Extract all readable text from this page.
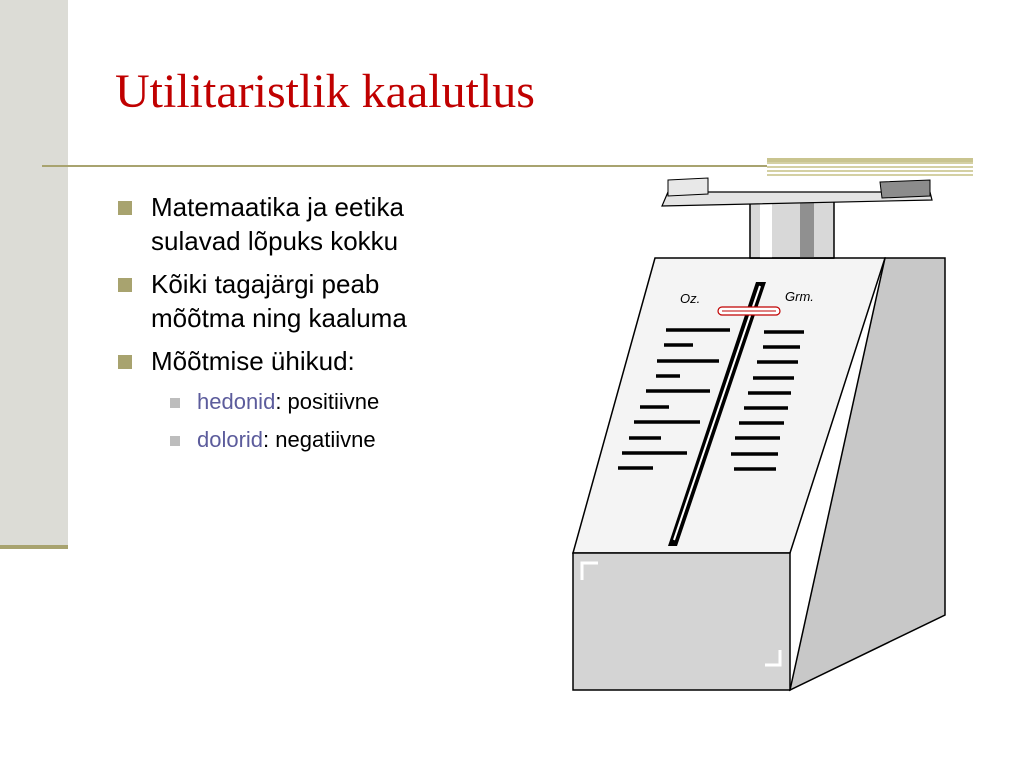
Utilitaristlik kaalutlus
Matemaatika ja eetika
sulavad lõpuks kokku
Kõiki tagajärgi peab
mõõtma ning kaaluma
Mõõtmise ühikud:
hedonid: positiivne
dolorid: negatiivne
Oz.	Grm.
